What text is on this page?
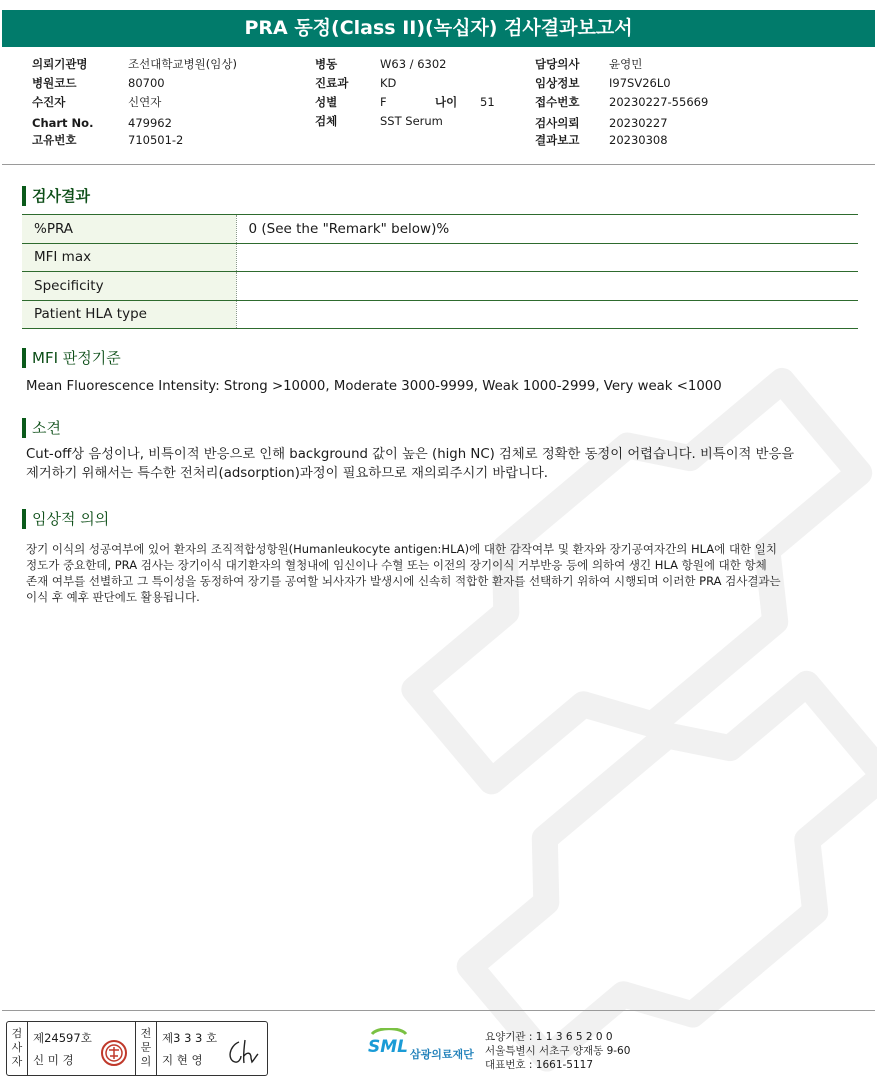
PRA 동정(Class II)(녹십자) 검사결과보고서
의뢰기관명	조선대학교병원(임상)
병원코드	80700
수진자	신연자
Chart No.	479962
고유번호	710501-2
병동	W63 / 6302
진료과	KD
성별	F	나이 51
검체	SST Serum
담당의사	윤영민
임상정보	I97SV26L0
접수번호	20230227-55669
검사의뢰	20230227
결과보고	20230308
검사결과
%PRA	0 (See the "Remark" below)%
MFI max	
Specificity	
Patient HLA type	
MFI 판정기준
Mean Fluorescence Intensity: Strong >10000, Moderate 3000-9999, Weak 1000-2999, Very weak <1000
소견
Cut-off상 음성이나, 비특이적 반응으로 인해 background 값이 높은 (high NC) 검체로 정확한 동정이 어렵습니다. 비특이적 반응을
제거하기 위해서는 특수한 전처리(adsorption)과정이 필요하므로 재의뢰주시기 바랍니다.
임상적 의의
장기 이식의 성공여부에 있어 환자의 조직적합성항원(Humanleukocyte antigen:HLA)에 대한 감작여부 및 환자와 장기공여자간의 HLA에 대한 일치
정도가 중요한데, PRA 검사는 장기이식 대기환자의 혈청내에 임신이나 수혈 또는 이전의 장기이식 거부반응 등에 의하여 생긴 HLA 항원에 대한 항체
존재 여부를 선별하고 그 특이성을 동정하여 장기를 공여할 뇌사자가 발생시에 신속히 적합한 환자를 선택하기 위하여 시행되며 이러한 PRA 검사결과는
이식 후 예후 판단에도 활용됩니다.
검
사
자
제24597호
신 미 경
전
문
의
제3 3 3 호
지 현 영
SML 삼광의료재단
요양기관 : 1 1 3 6 5 2 0 0
서울특별시 서초구 양재동 9-60
대표번호 : 1661-5117
